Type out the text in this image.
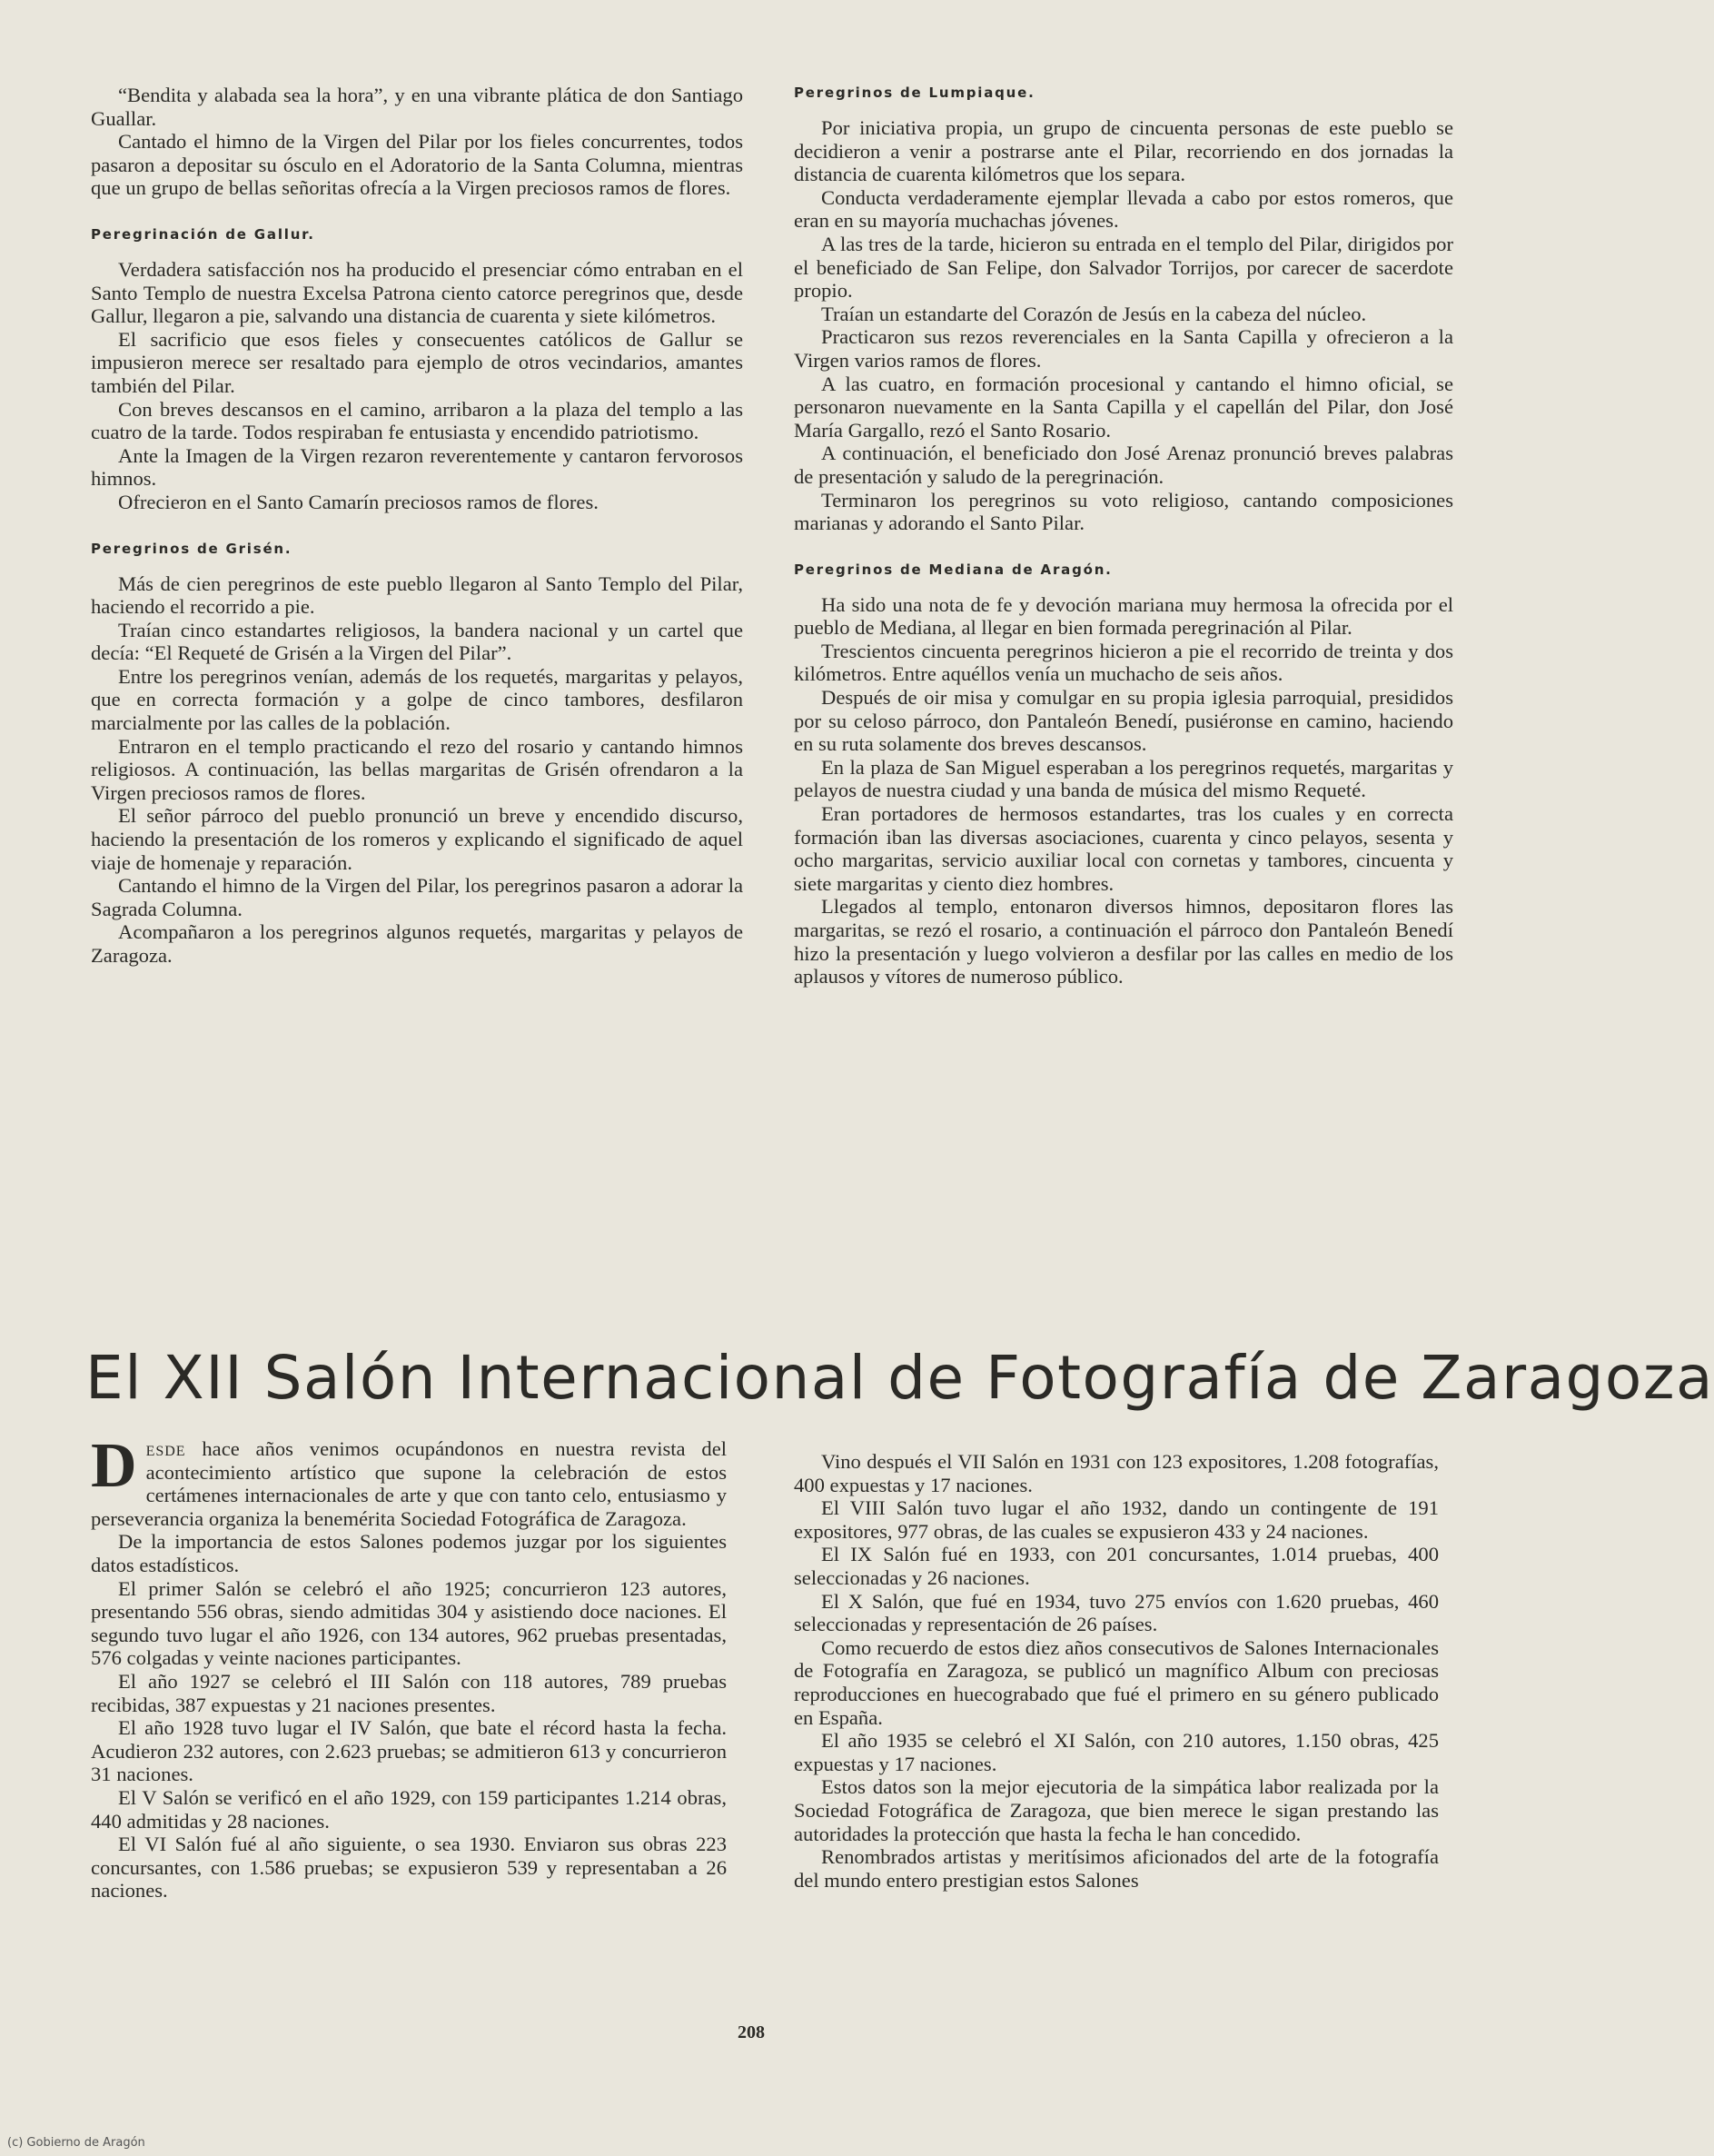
“Bendita y alabada sea la hora”, y en una vibrante plática de don Santiago Guallar.

Cantado el himno de la Virgen del Pilar por los fieles concurrentes, todos pasaron a depositar su ósculo en el Adoratorio de la Santa Columna, mientras que un grupo de bellas señoritas ofrecía a la Virgen preciosos ramos de flores.

Peregrinación de Gallur.

Verdadera satisfacción nos ha producido el presenciar cómo entraban en el Santo Templo de nuestra Excelsa Patrona ciento catorce peregrinos que, desde Gallur, llegaron a pie, salvando una distancia de cuarenta y siete kilómetros.

El sacrificio que esos fieles y consecuentes católicos de Gallur se impusieron merece ser resaltado para ejemplo de otros vecindarios, amantes también del Pilar.

Con breves descansos en el camino, arribaron a la plaza del templo a las cuatro de la tarde. Todos respiraban fe entusiasta y encendido patriotismo.

Ante la Imagen de la Virgen rezaron reverentemente y cantaron fervorosos himnos.

Ofrecieron en el Santo Camarín preciosos ramos de flores.

Peregrinos de Grisén.

Más de cien peregrinos de este pueblo llegaron al Santo Templo del Pilar, haciendo el recorrido a pie.

Traían cinco estandartes religiosos, la bandera nacional y un cartel que decía: “El Requeté de Grisén a la Virgen del Pilar”.

Entre los peregrinos venían, además de los requetés, margaritas y pelayos, que en correcta formación y a golpe de cinco tambores, desfilaron marcialmente por las calles de la población.

Entraron en el templo practicando el rezo del rosario y cantando himnos religiosos. A continuación, las bellas margaritas de Grisén ofrendaron a la Virgen preciosos ramos de flores.

El señor párroco del pueblo pronunció un breve y encendido discurso, haciendo la presentación de los romeros y explicando el significado de aquel viaje de homenaje y reparación.

Cantando el himno de la Virgen del Pilar, los peregrinos pasaron a adorar la Sagrada Columna.

Acompañaron a los peregrinos algunos requetés, margaritas y pelayos de Zaragoza.

Peregrinos de Lumpiaque.

Por iniciativa propia, un grupo de cincuenta personas de este pueblo se decidieron a venir a postrarse ante el Pilar, recorriendo en dos jornadas la distancia de cuarenta kilómetros que los separa.

Conducta verdaderamente ejemplar llevada a cabo por estos romeros, que eran en su mayoría muchachas jóvenes.

A las tres de la tarde, hicieron su entrada en el templo del Pilar, dirigidos por el beneficiado de San Felipe, don Salvador Torrijos, por carecer de sacerdote propio.

Traían un estandarte del Corazón de Jesús en la cabeza del núcleo.

Practicaron sus rezos reverenciales en la Santa Capilla y ofrecieron a la Virgen varios ramos de flores.

A las cuatro, en formación procesional y cantando el himno oficial, se personaron nuevamente en la Santa Capilla y el capellán del Pilar, don José María Gargallo, rezó el Santo Rosario.

A continuación, el beneficiado don José Arenaz pronunció breves palabras de presentación y saludo de la peregrinación.

Terminaron los peregrinos su voto religioso, cantando composiciones marianas y adorando el Santo Pilar.

Peregrinos de Mediana de Aragón.

Ha sido una nota de fe y devoción mariana muy hermosa la ofrecida por el pueblo de Mediana, al llegar en bien formada peregrinación al Pilar.

Trescientos cincuenta peregrinos hicieron a pie el recorrido de treinta y dos kilómetros. Entre aquéllos venía un muchacho de seis años.

Después de oir misa y comulgar en su propia iglesia parroquial, presididos por su celoso párroco, don Pantaleón Benedí, pusiéronse en camino, haciendo en su ruta solamente dos breves descansos.

En la plaza de San Miguel esperaban a los peregrinos requetés, margaritas y pelayos de nuestra ciudad y una banda de música del mismo Requeté.

Eran portadores de hermosos estandartes, tras los cuales y en correcta formación iban las diversas asociaciones, cuarenta y cinco pelayos, sesenta y ocho margaritas, servicio auxiliar local con cornetas y tambores, cincuenta y siete margaritas y ciento diez hombres.

Llegados al templo, entonaron diversos himnos, depositaron flores las margaritas, se rezó el rosario, a continuación el párroco don Pantaleón Benedí hizo la presentación y luego volvieron a desfilar por las calles en medio de los aplausos y vítores de numeroso público.

El XII Salón Internacional de Fotografía de Zaragoza

Desde hace años venimos ocupándonos en nuestra revista del acontecimiento artístico que supone la celebración de estos certámenes internacionales de arte y que con tanto celo, entusiasmo y perseverancia organiza la benemérita Sociedad Fotográfica de Zaragoza.

De la importancia de estos Salones podemos juzgar por los siguientes datos estadísticos.

El primer Salón se celebró el año 1925; concurrieron 123 autores, presentando 556 obras, siendo admitidas 304 y asistiendo doce naciones. El segundo tuvo lugar el año 1926, con 134 autores, 962 pruebas presentadas, 576 colgadas y veinte naciones participantes.

El año 1927 se celebró el III Salón con 118 autores, 789 pruebas recibidas, 387 expuestas y 21 naciones presentes.

El año 1928 tuvo lugar el IV Salón, que bate el récord hasta la fecha. Acudieron 232 autores, con 2.623 pruebas; se admitieron 613 y concurrieron 31 naciones.

El V Salón se verificó en el año 1929, con 159 participantes 1.214 obras, 440 admitidas y 28 naciones.

El VI Salón fué al año siguiente, o sea 1930. Enviaron sus obras 223 concursantes, con 1.586 pruebas; se expusieron 539 y representaban a 26 naciones.

Vino después el VII Salón en 1931 con 123 expositores, 1.208 fotografías, 400 expuestas y 17 naciones.

El VIII Salón tuvo lugar el año 1932, dando un contingente de 191 expositores, 977 obras, de las cuales se expusieron 433 y 24 naciones.

El IX Salón fué en 1933, con 201 concursantes, 1.014 pruebas, 400 seleccionadas y 26 naciones.

El X Salón, que fué en 1934, tuvo 275 envíos con 1.620 pruebas, 460 seleccionadas y representación de 26 países.

Como recuerdo de estos diez años consecutivos de Salones Internacionales de Fotografía en Zaragoza, se publicó un magnífico Album con preciosas reproducciones en huecograbado que fué el primero en su género publicado en España.

El año 1935 se celebró el XI Salón, con 210 autores, 1.150 obras, 425 expuestas y 17 naciones.

Estos datos son la mejor ejecutoria de la simpática labor realizada por la Sociedad Fotográfica de Zaragoza, que bien merece le sigan prestando las autoridades la protección que hasta la fecha le han concedido.

Renombrados artistas y meritísimos aficionados del arte de la fotografía del mundo entero prestigian estos Salones

208
(c) Gobierno de Aragón
